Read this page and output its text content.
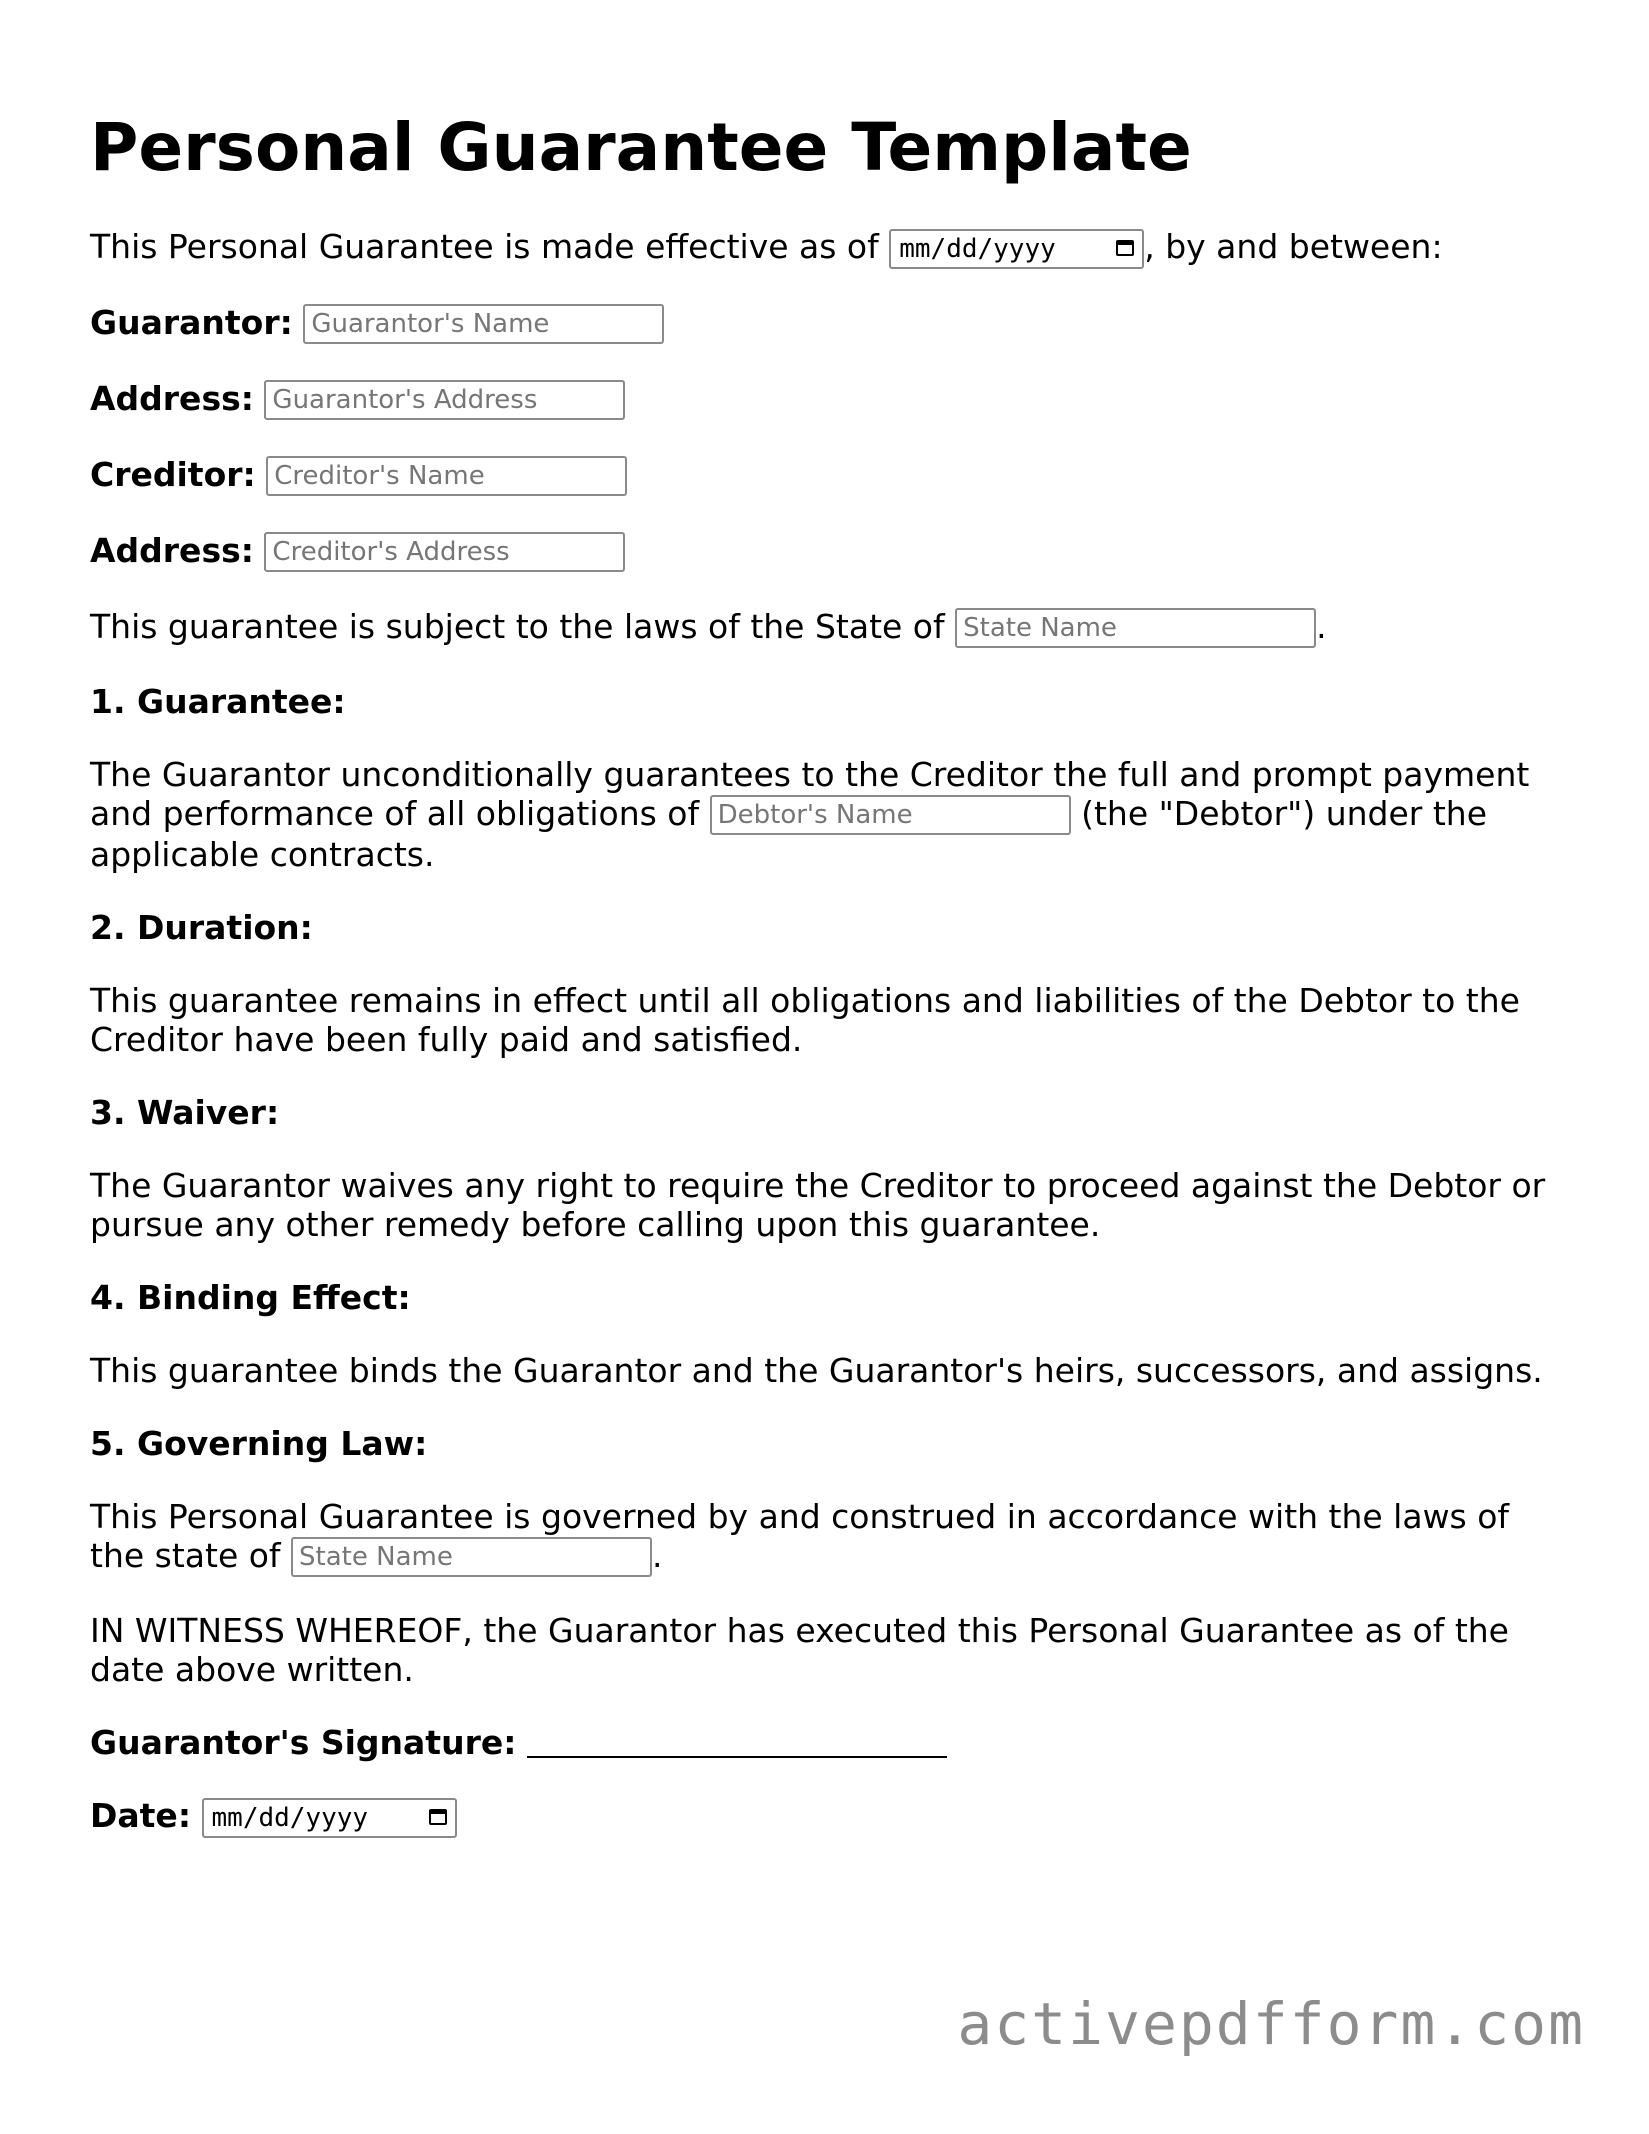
Personal Guarantee Template

This Personal Guarantee is made effective as of mm/dd/yyyy	, by and between:

Guarantor: Guarantor's Name
Address: Guarantor's Address
Creditor: Creditor's Name
Address: Creditor's Address

This guarantee is subject to the laws of the State of State Name	.

1. Guarantee:

The Guarantor unconditionally guarantees to the Creditor the full and prompt payment and performance of all obligations of Debtor's Name	(the "Debtor") under the applicable contracts.

2. Duration:

This guarantee remains in effect until all obligations and liabilities of the Debtor to the Creditor have been fully paid and satisfied.

3. Waiver:

The Guarantor waives any right to require the Creditor to proceed against the Debtor or pursue any other remedy before calling upon this guarantee.

4. Binding Effect:

This guarantee binds the Guarantor and the Guarantor's heirs, successors, and assigns.

5. Governing Law:

This Personal Guarantee is governed by and construed in accordance with the laws of the state of State Name	.

IN WITNESS WHEREOF, the Guarantor has executed this Personal Guarantee as of the date above written.

Guarantor's Signature:

Date: mm/dd/yyyy

activepdfform.com
